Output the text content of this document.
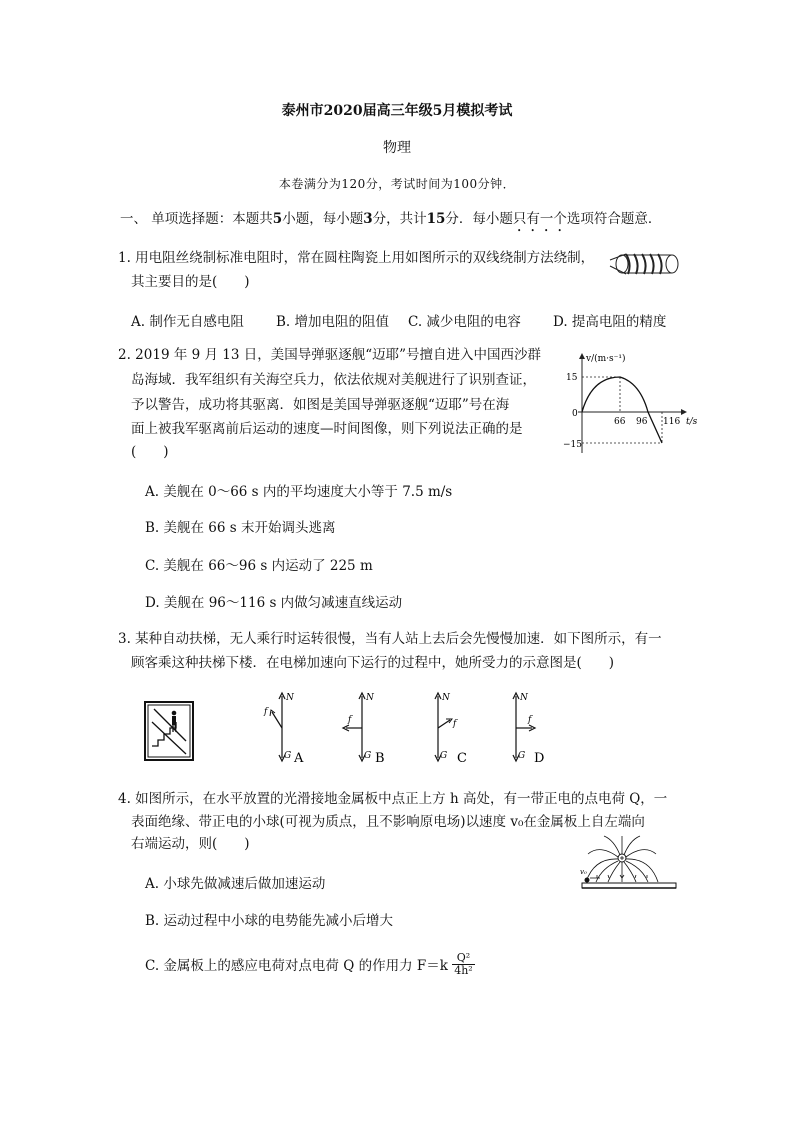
泰州市2020届高三年级5月模拟考试
物理
本卷满分为120分，考试时间为100分钟．
一、 单项选择题：本题共5小题，每小题3分，共计15分．每小题只有一个选项符合题意．
1. 用电阻丝绕制标准电阻时，常在圆柱陶瓷上用如图所示的双线绕制方法绕制，
其主要目的是(　　)
A. 制作无自感电阻 B. 增加电阻的阻值 C. 减少电阻的电容 D. 提高电阻的精度
2. 2019 年 9 月 13 日，美国导弹驱逐舰“迈耶”号擅自进入中国西沙群
岛海域．我军组织有关海空兵力，依法依规对美舰进行了识别查证，
予以警告，成功将其驱离．如图是美国导弹驱逐舰“迈耶”号在海
面上被我军驱离前后运动的速度—时间图像，则下列说法正确的是
(　　)
v/(m·s⁻¹)
t/s
15
0
−15
66 96 116
A. 美舰在 0～66 s 内的平均速度大小等于 7.5 m/s
B. 美舰在 66 s 末开始调头逃离
C. 美舰在 66～96 s 内运动了 225 m
D. 美舰在 96～116 s 内做匀减速直线运动
3. 某种自动扶梯，无人乘行时运转很慢，当有人站上去后会先慢慢加速．如下图所示，有一
顾客乘这种扶梯下楼．在电梯加速向下运行的过程中，她所受力的示意图是(　　)
N
f
G A
N
f
G B
N
f
G C
N
f
G D
4. 如图所示，在水平放置的光滑接地金属板中点正上方 h 高处，有一带正电的点电荷 Q，一
表面绝缘、带正电的小球(可视为质点，且不影响原电场)以速度 v₀在金属板上自左端向
右端运动，则(　　)
v₀
A. 小球先做减速后做加速运动
B. 运动过程中小球的电势能先减小后增大
C. 金属板上的感应电荷对点电荷 Q 的作用力 $F=k \frac{\text{Q²}}{\text{4h²}}$
